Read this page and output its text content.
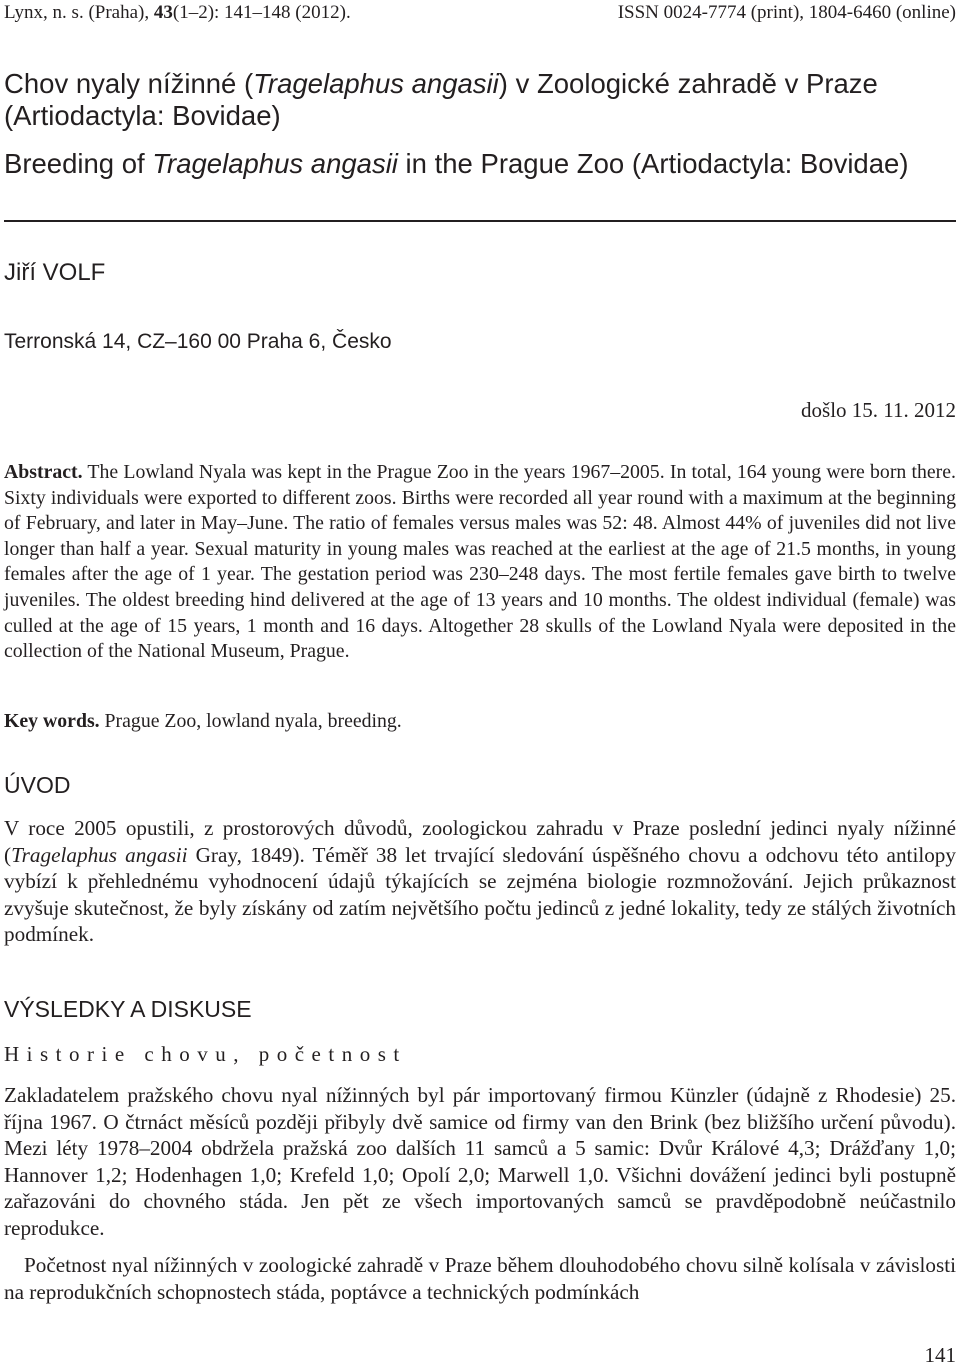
Lynx, n. s. (Praha), 43(1–2): 141–148 (2012).	ISSN 0024-7774 (print), 1804-6460 (online)
Chov nyaly nížinné (Tragelaphus angasii) v Zoologické zahradě v Praze (Artiodactyla: Bovidae)
Breeding of Tragelaphus angasii in the Prague Zoo (Artiodactyla: Bovidae)
Jiří VOLF
Terronská 14, CZ–160 00 Praha 6, Česko
došlo 15. 11. 2012
Abstract. The Lowland Nyala was kept in the Prague Zoo in the years 1967–2005. In total, 164 young were born there. Sixty individuals were exported to different zoos. Births were recorded all year round with a maximum at the beginning of February, and later in May–June. The ratio of females versus males was 52: 48. Almost 44% of juveniles did not live longer than half a year. Sexual maturity in young males was reached at the earliest at the age of 21.5 months, in young females after the age of 1 year. The gestation period was 230–248 days. The most fertile females gave birth to twelve juveniles. The oldest breeding hind delivered at the age of 13 years and 10 months. The oldest individual (female) was culled at the age of 15 years, 1 month and 16 days. Altogether 28 skulls of the Lowland Nyala were deposited in the collection of the National Museum, Prague.
Key words. Prague Zoo, lowland nyala, breeding.
ÚVOD
V roce 2005 opustili, z prostorových důvodů, zoologickou zahradu v Praze poslední jedinci nyaly nížinné (Tragelaphus angasii Gray, 1849). Téměř 38 let trvající sledování úspěšného chovu a odchovu této antilopy vybízí k přehlednému vyhodnocení údajů týkajících se zejména biologie rozmnožování. Jejich průkaznost zvyšuje skutečnost, že byly získány od zatím největšího počtu jedinců z jedné lokality, tedy ze stálých životních podmínek.
VÝSLEDKY A DISKUSE
Historie chovu, početnost
Zakladatelem pražského chovu nyal nížinných byl pár importovaný firmou Künzler (údajně z Rhodesie) 25. října 1967. O čtrnáct měsíců později přibyly dvě samice od firmy van den Brink (bez bližšího určení původu). Mezi léty 1978–2004 obdržela pražská zoo dalších 11 samců a 5 samic: Dvůr Králové 4,3; Drážďany 1,0; Hannover 1,2; Hodenhagen 1,0; Krefeld 1,0; Opolí 2,0; Marwell 1,0. Všichni dovážení jedinci byli postupně zařazováni do chovného stáda. Jen pět ze všech importovaných samců se pravděpodobně neúčastnilo reprodukce.
Početnost nyal nížinných v zoologické zahradě v Praze během dlouhodobého chovu silně kolísala v závislosti na reprodukčních schopnostech stáda, poptávce a technických podmínkách
141
